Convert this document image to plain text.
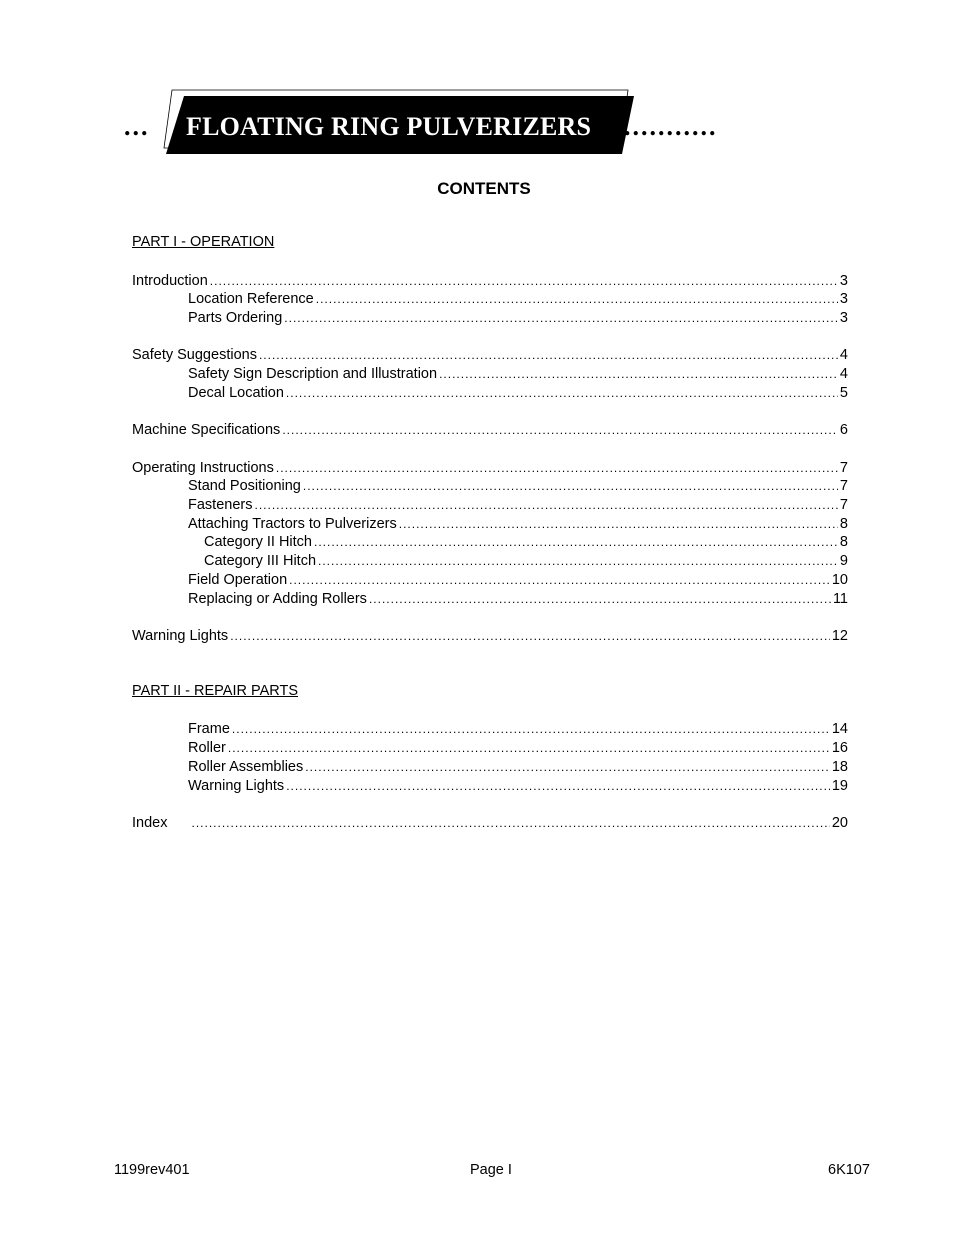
... FLOATING RING PULVERIZERS ...........
CONTENTS
PART I - OPERATION
Introduction .....	3
Location Reference .....	3
Parts Ordering .....	3
Safety Suggestions .....	4
Safety Sign Description and Illustration .....	4
Decal Location .....	5
Machine Specifications .....	6
Operating Instructions .....	7
Stand Positioning .....	7
Fasteners .....	7
Attaching Tractors to Pulverizers .....	8
Category II Hitch .....	8
Category III Hitch .....	9
Field Operation .....	10
Replacing or Adding Rollers .....	11
Warning Lights .....	12
PART II - REPAIR PARTS
Frame .....	14
Roller .....	16
Roller Assemblies .....	18
Warning Lights .....	19
Index .....	20
1199rev401	Page I	6K107
